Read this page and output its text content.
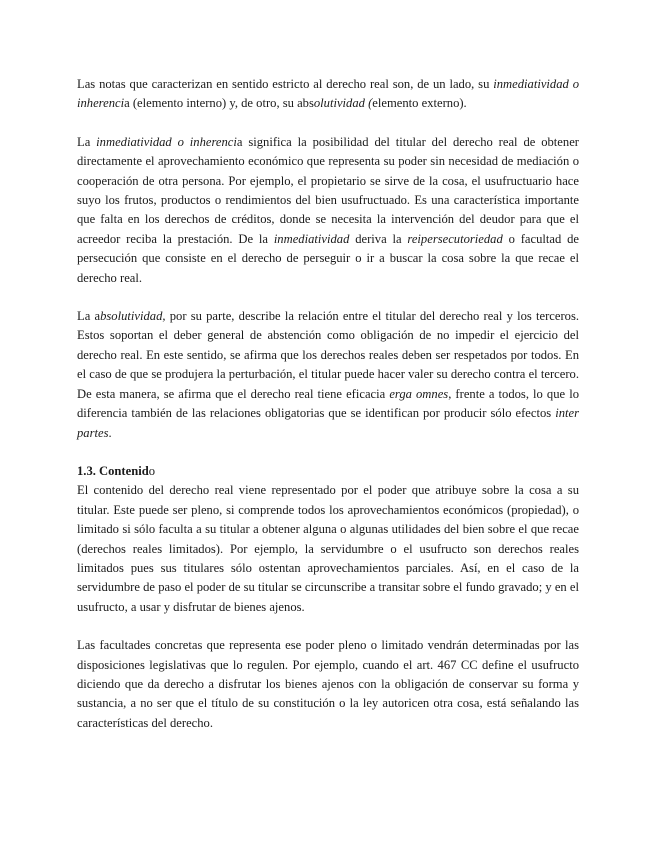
Las notas que caracterizan en sentido estricto al derecho real son, de un lado, su inmediatividad o inherencia (elemento interno) y, de otro, su absolutividad (elemento externo).

La inmediatividad o inherencia significa la posibilidad del titular del derecho real de obtener directamente el aprovechamiento económico que representa su poder sin necesidad de mediación o cooperación de otra persona. Por ejemplo, el propietario se sirve de la cosa, el usufructuario hace suyo los frutos, productos o rendimientos del bien usufructuado. Es una característica importante que falta en los derechos de créditos, donde se necesita la intervención del deudor para que el acreedor reciba la prestación. De la inmediatividad deriva la reipersecutoriedad o facultad de persecución que consiste en el derecho de perseguir o ir a buscar la cosa sobre la que recae el derecho real.

La absolutividad, por su parte, describe la relación entre el titular del derecho real y los terceros. Estos soportan el deber general de abstención como obligación de no impedir el ejercicio del derecho real. En este sentido, se afirma que los derechos reales deben ser respetados por todos. En el caso de que se produjera la perturbación, el titular puede hacer valer su derecho contra el tercero. De esta manera, se afirma que el derecho real tiene eficacia erga omnes, frente a todos, lo que lo diferencia también de las relaciones obligatorias que se identifican por producir sólo efectos inter partes.

1.3. Contenido

El contenido del derecho real viene representado por el poder que atribuye sobre la cosa a su titular. Este puede ser pleno, si comprende todos los aprovechamientos económicos (propiedad), o limitado si sólo faculta a su titular a obtener alguna o algunas utilidades del bien sobre el que recae (derechos reales limitados). Por ejemplo, la servidumbre o el usufructo son derechos reales limitados pues sus titulares sólo ostentan aprovechamientos parciales. Así, en el caso de la servidumbre de paso el poder de su titular se circunscribe a transitar sobre el fundo gravado; y en el usufructo, a usar y disfrutar de bienes ajenos.

Las facultades concretas que representa ese poder pleno o limitado vendrán determinadas por las disposiciones legislativas que lo regulen. Por ejemplo, cuando el art. 467 CC define el usufructo diciendo que da derecho a disfrutar los bienes ajenos con la obligación de conservar su forma y sustancia, a no ser que el título de su constitución o la ley autoricen otra cosa, está señalando las características del derecho.
